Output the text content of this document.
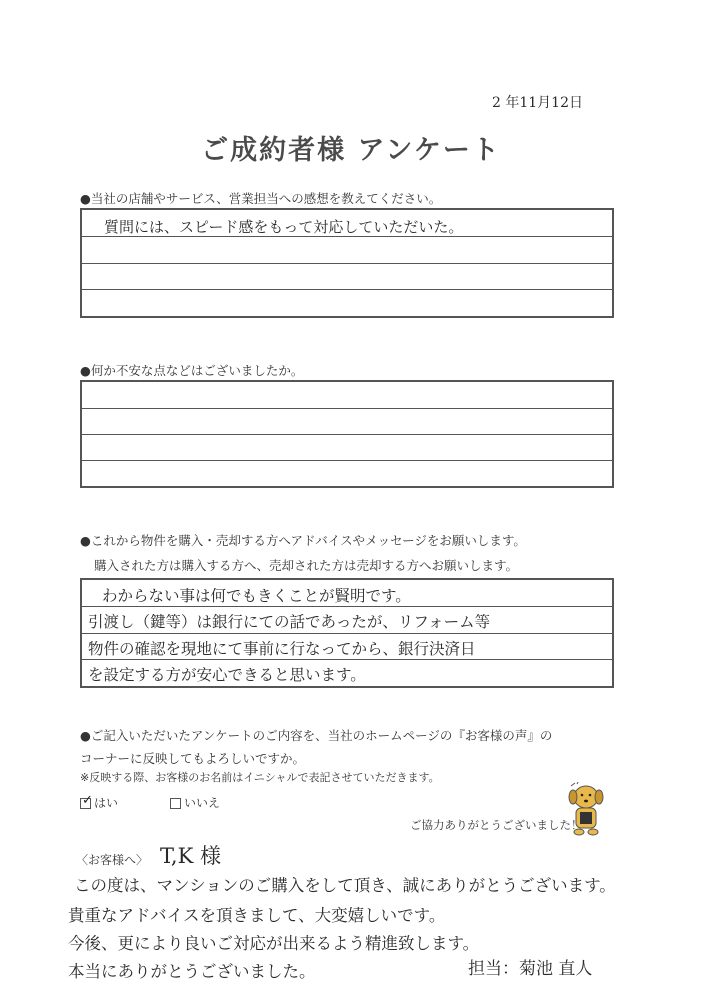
2 年11月12日
ご成約者様 アンケート
●当社の店舗やサービス、営業担当への感想を教えてください。
質問には、スピード感をもって対応していただいた。
●何か不安な点などはございましたか。
●これから物件を購入・売却する方へアドバイスやメッセージをお願いします。
購入された方は購入する方へ、売却された方は売却する方へお願いします。
わからない事は何でもきくことが賢明です。
引渡し（鍵等）は銀行にての話であったが、リフォーム等
物件の確認を現地にて事前に行なってから、銀行決済日
を設定する方が安心できると思います。
●ご記入いただいたアンケートのご内容を、当社のホームページの『お客様の声』の
コーナーに反映してもよろしいですか。
※反映する際、お客様のお名前はイニシャルで表記させていただきます。
✓ はい	いいえ
ご協力ありがとうございました！
〈お客様へ〉 T,K 様
この度は、マンションのご購入をして頂き、誠にありがとうございます。
貴重なアドバイスを頂きまして、大変嬉しいです。
今後、更により良いご対応が出来るよう精進致します。
本当にありがとうございました。	担当：菊池 直人
